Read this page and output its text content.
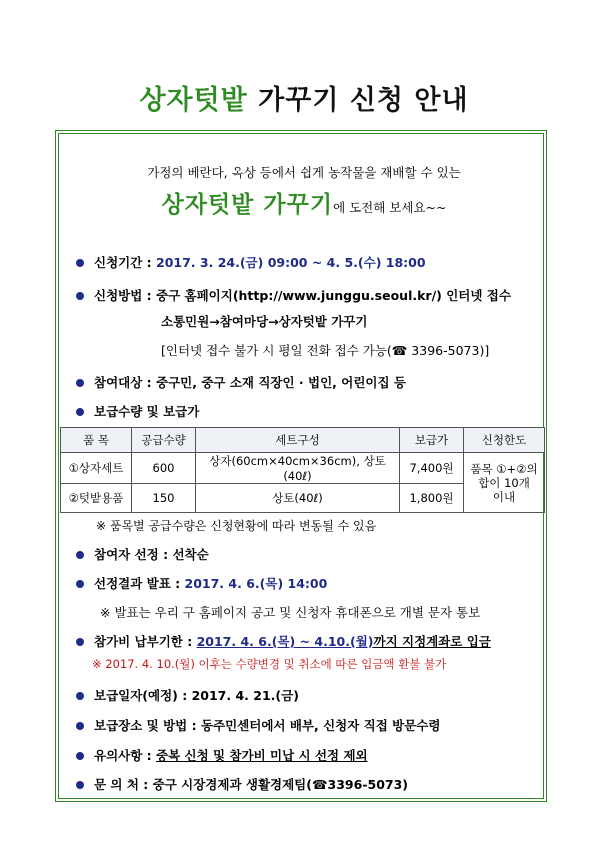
상자텃밭 가꾸기 신청 안내
가정의 베란다, 옥상 등에서 쉽게 농작물을 재배할 수 있는
상자텃밭 가꾸기에 도전해 보세요~~
신청기간 : 2017. 3. 24.(금) 09:00 ~ 4. 5.(수) 18:00
신청방법 : 중구 홈페이지(http://www.junggu.seoul.kr/) 인터넷 접수
소통민원→참여마당→상자텃밭 가꾸기
[인터넷 접수 불가 시 평일 전화 접수 가능(☎ 3396-5073)]
참여대상 : 중구민, 중구 소재 직장인 · 법인, 어린이집 등
보급수량 및 보급가
품 목	공급수량	세트구성	보급가	신청한도
①상자세트	600	상자(60cm×40cm×36cm), 상토(40ℓ)	7,400원	품목 ①+②의
합이 10개
이내
②텃밭용품	150	상토(40ℓ)	1,800원	
※ 품목별 공급수량은 신청현황에 따라 변동될 수 있음
참여자 선정 : 선착순
선정결과 발표 : 2017. 4. 6.(목) 14:00
※ 발표는 우리 구 홈페이지 공고 및 신청자 휴대폰으로 개별 문자 통보
참가비 납부기한 : 2017. 4. 6.(목) ~ 4.10.(월)까지 지정계좌로 입금
※ 2017. 4. 10.(월) 이후는 수량변경 및 취소에 따른 입금액 환불 불가
보급일자(예정) : 2017. 4. 21.(금)
보급장소 및 방법 : 동주민센터에서 배부, 신청자 직접 방문수령
유의사항 : 중복 신청 및 참가비 미납 시 선정 제외
문 의 처 : 중구 시장경제과 생활경제팀(☎3396-5073)
